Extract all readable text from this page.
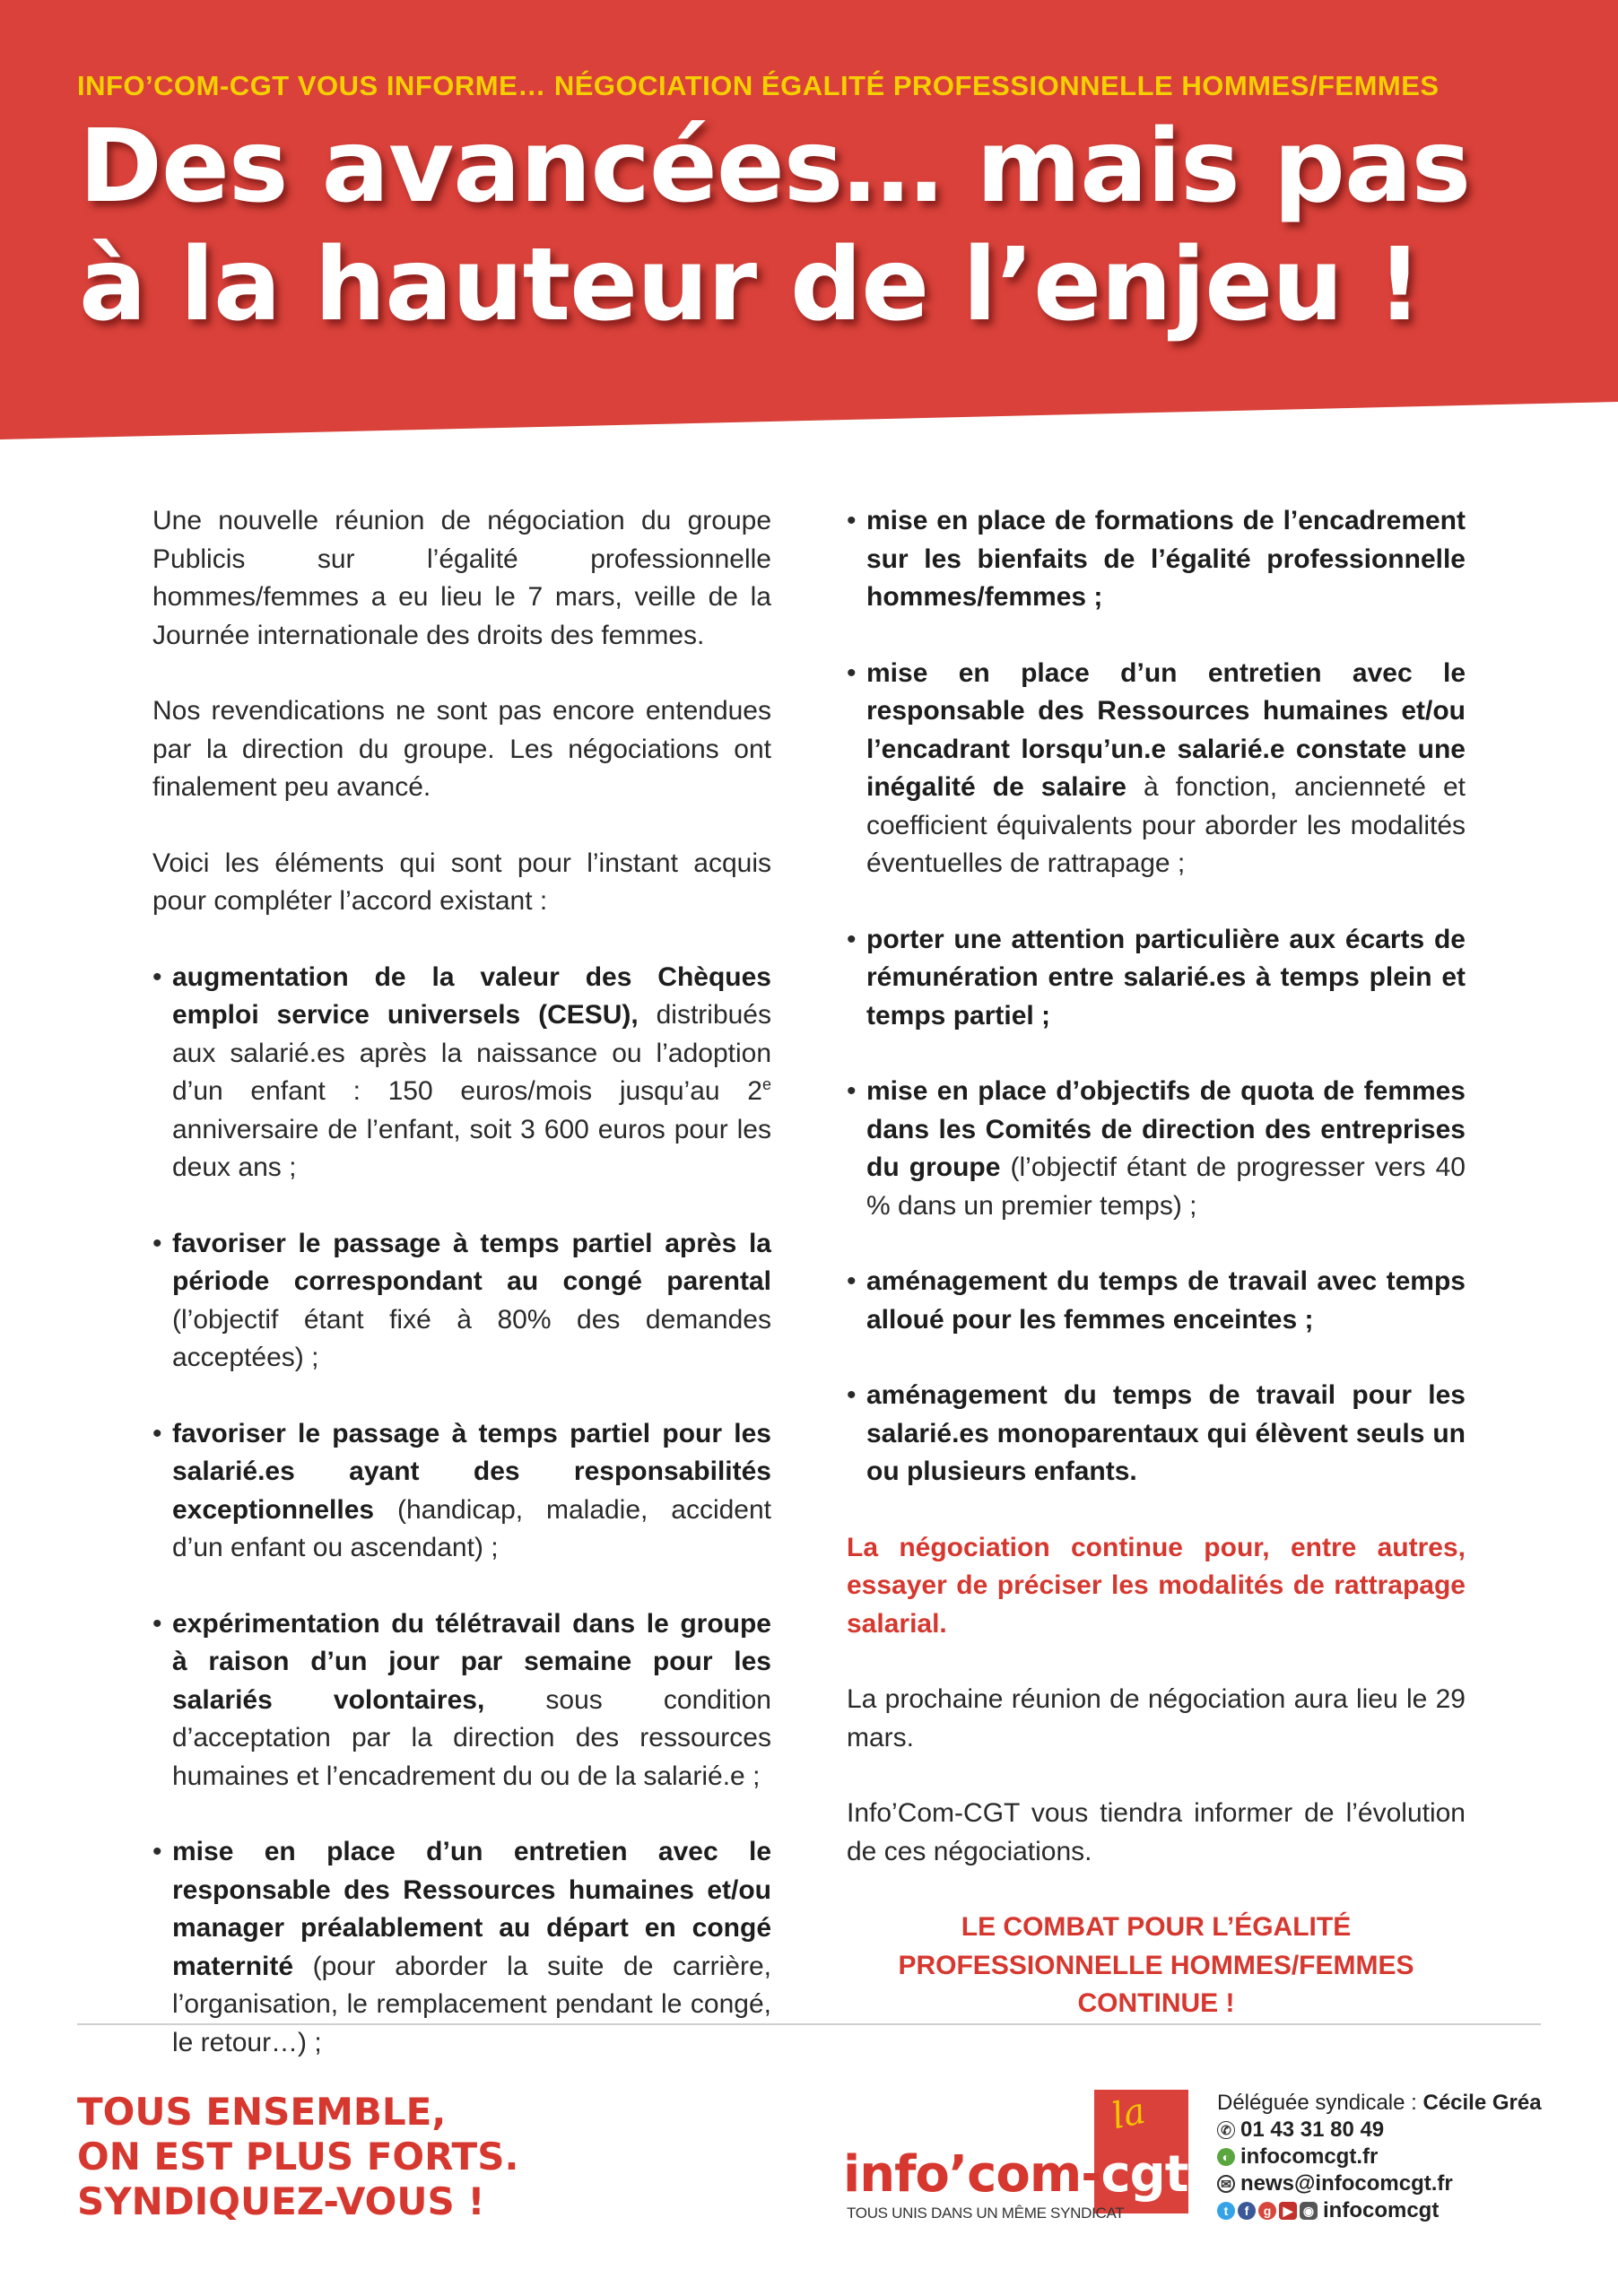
INFO’COM-CGT VOUS INFORME… NÉGOCIATION ÉGALITÉ PROFESSIONNELLE HOMMES/FEMMES
Des avancées… mais pas
à la hauteur de l’enjeu !

Une nouvelle réunion de négociation du groupe Publicis sur l’égalité professionnelle hommes/femmes a eu lieu le 7 mars, veille de la Journée internationale des droits des femmes.

Nos revendications ne sont pas encore entendues par la direction du groupe. Les négociations ont finalement peu avancé.

Voici les éléments qui sont pour l’instant acquis pour compléter l’accord existant :

• augmentation de la valeur des Chèques emploi service universels (CESU), distribués aux salarié.es après la naissance ou l’adoption d’un enfant : 150 euros/mois jusqu’au 2e anniversaire de l’enfant, soit 3 600 euros pour les deux ans ;
• favoriser le passage à temps partiel après la période correspondant au congé parental (l’objectif étant fixé à 80% des demandes acceptées) ;
• favoriser le passage à temps partiel pour les salarié.es ayant des responsabilités exceptionnelles (handicap, maladie, accident d’un enfant ou ascendant) ;
• expérimentation du télétravail dans le groupe à raison d’un jour par semaine pour les salariés volontaires, sous condition d’acceptation par la direction des ressources humaines et l’encadrement du ou de la salarié.e ;
• mise en place d’un entretien avec le responsable des Ressources humaines et/ou manager préalablement au départ en congé maternité (pour aborder la suite de carrière, l’organisation, le remplacement pendant le congé, le retour…) ;
• mise en place de formations de l’encadrement sur les bienfaits de l’égalité professionnelle hommes/femmes ;
• mise en place d’un entretien avec le responsable des Ressources humaines et/ou l’encadrant lorsqu’un.e salarié.e constate une inégalité de salaire à fonction, ancienneté et coefficient équivalents pour aborder les modalités éventuelles de rattrapage ;
• porter une attention particulière aux écarts de rémunération entre salarié.es à temps plein et temps partiel ;
• mise en place d’objectifs de quota de femmes dans les Comités de direction des entreprises du groupe (l’objectif étant de progresser vers 40 % dans un premier temps) ;
• aménagement du temps de travail avec temps alloué pour les femmes enceintes ;
• aménagement du temps de travail pour les salarié.es monoparentaux qui élèvent seuls un ou plusieurs enfants.

La négociation continue pour, entre autres, essayer de préciser les modalités de rattrapage salarial.

La prochaine réunion de négociation aura lieu le 29 mars.

Info’Com-CGT vous tiendra informer de l’évolution de ces négociations.

LE COMBAT POUR L’ÉGALITÉ PROFESSIONNELLE HOMMES/FEMMES CONTINUE !

TOUS ENSEMBLE,
ON EST PLUS FORTS.
SYNDIQUEZ-VOUS !
la
info’com-cgt
TOUS UNIS DANS UN MÊME SYNDICAT
Déléguée syndicale :
Cécile Gréa
✆ 01 43 31 80 49
◐ infocomcgt.fr
✉ news@infocomcgt.fr
t	f	g ▶ ◉ infocomcgt
